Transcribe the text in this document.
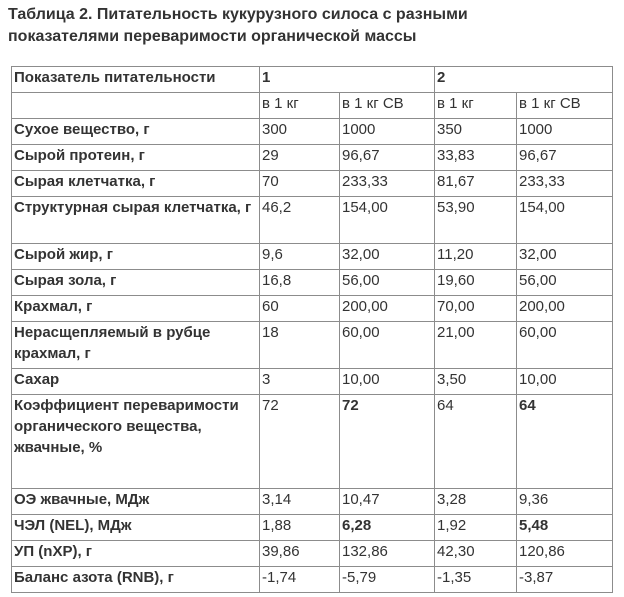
Таблица 2. Питательность кукурузного силоса с разными
показателями переваримости органической массы
Показатель питательности	1		2	
	в 1 кг	в 1 кг СВ	в 1 кг	в 1 кг СВ
Сухое вещество, г	300	1000	350	1000
Сырой протеин, г	29	96,67	33,83	96,67
Сырая клетчатка, г	70	233,33	81,67	233,33
Структурная сырая клетчатка, г	46,2	154,00	53,90	154,00
Сырой жир, г	9,6	32,00	11,20	32,00
Сырая зола, г	16,8	56,00	19,60	56,00
Крахмал, г	60	200,00	70,00	200,00
Нерасщепляемый в рубце крахмал, г	18	60,00	21,00	60,00
Сахар	3	10,00	3,50	10,00
Коэффициент переваримости органического вещества, жвачные, %	72	72	64	64
ОЭ жвачные, МДж	3,14	10,47	3,28	9,36
ЧЭЛ (NEL), МДж	1,88	6,28	1,92	5,48
УП (nXP), г	39,86	132,86	42,30	120,86
Баланс азота (RNB), г	-1,74	-5,79	-1,35	-3,87
